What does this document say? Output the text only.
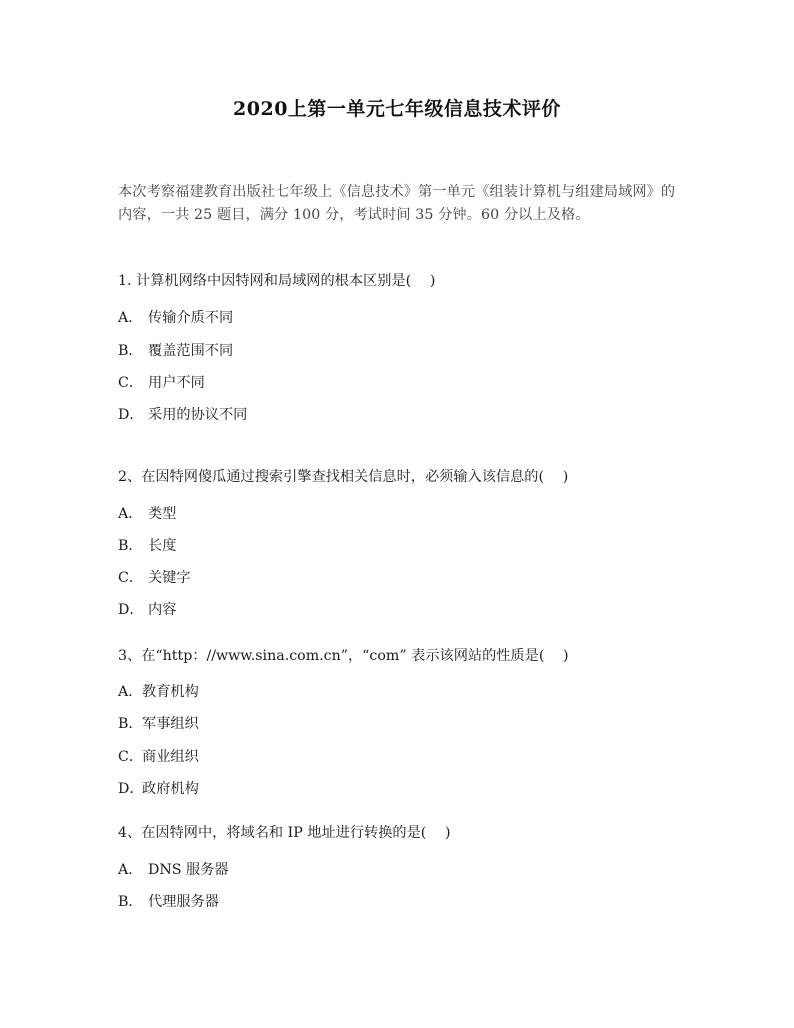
2020上第一单元七年级信息技术评价
本次考察福建教育出版社七年级上《信息技术》第一单元《组装计算机与组建局域网》的内容，一共 25 题目，满分 100 分，考试时间 35 分钟。60 分以上及格。
1. 计算机网络中因特网和局域网的根本区别是(　 )
A． 传输介质不同
B． 覆盖范围不同
C． 用户不同
D． 采用的协议不同
2、在因特网傻瓜通过搜索引擎查找相关信息时，必须输入该信息的(　 )
A． 类型
B． 长度
C． 关键字
D． 内容
3、在“http：//www.sina.com.cn”，“com” 表示该网站的性质是(　 )
A．教育机构
B．军事组织
C．商业组织
D．政府机构
4、在因特网中，将域名和 IP 地址进行转换的是(　 )
A． DNS 服务器
B． 代理服务器
